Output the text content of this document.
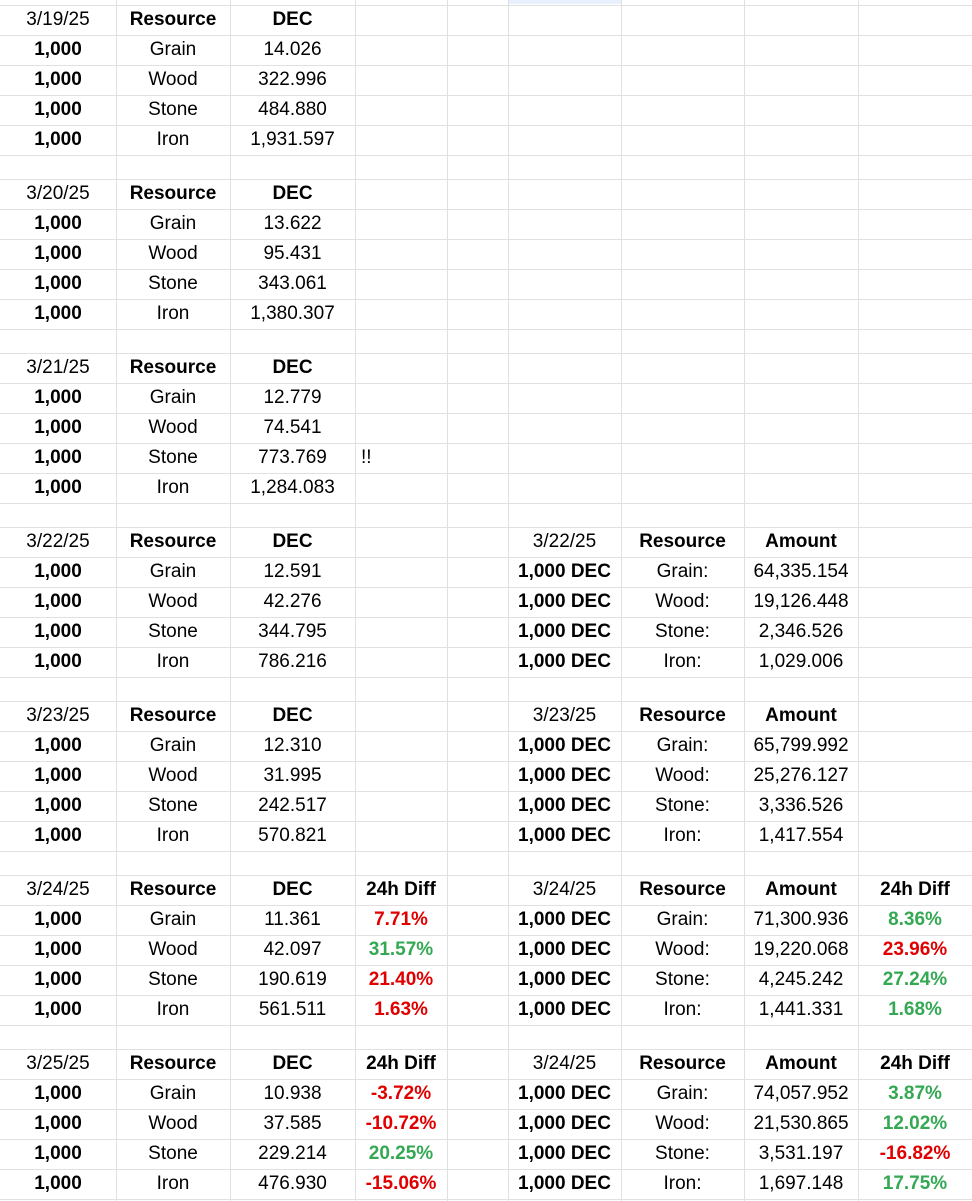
3/19/25	Resource	DEC
1,000	Grain	14.026
1,000	Wood	322.996
1,000	Stone	484.880
1,000	Iron	1,931.597
3/20/25	Resource	DEC
1,000	Grain	13.622
1,000	Wood	95.431
1,000	Stone	343.061
1,000	Iron	1,380.307
3/21/25	Resource	DEC
1,000	Grain	12.779
1,000	Wood	74.541
1,000	Stone	773.769	!!
1,000	Iron	1,284.083
3/22/25	Resource	DEC
1,000	Grain	12.591
1,000	Wood	42.276
1,000	Stone	344.795
1,000	Iron	786.216
3/23/25	Resource	DEC
1,000	Grain	12.310
1,000	Wood	31.995
1,000	Stone	242.517
1,000	Iron	570.821
3/24/25	Resource	DEC	24h Diff
1,000	Grain	11.361	7.71%
1,000	Wood	42.097	31.57%
1,000	Stone	190.619	21.40%
1,000	Iron	561.511	1.63%
3/25/25	Resource	DEC	24h Diff
1,000	Grain	10.938	-3.72%
1,000	Wood	37.585	-10.72%
1,000	Stone	229.214	20.25%
1,000	Iron	476.930	-15.06%
3/22/25	Resource	Amount
1,000 DEC	Grain:	64,335.154
1,000 DEC	Wood:	19,126.448
1,000 DEC	Stone:	2,346.526
1,000 DEC	Iron:	1,029.006
3/23/25	Resource	Amount
1,000 DEC	Grain:	65,799.992
1,000 DEC	Wood:	25,276.127
1,000 DEC	Stone:	3,336.526
1,000 DEC	Iron:	1,417.554
3/24/25	Resource	Amount	24h Diff
1,000 DEC	Grain:	71,300.936	8.36%
1,000 DEC	Wood:	19,220.068	23.96%
1,000 DEC	Stone:	4,245.242	27.24%
1,000 DEC	Iron:	1,441.331	1.68%
3/24/25	Resource	Amount	24h Diff
1,000 DEC	Grain:	74,057.952	3.87%
1,000 DEC	Wood:	21,530.865	12.02%
1,000 DEC	Stone:	3,531.197	-16.82%
1,000 DEC	Iron:	1,697.148	17.75%
